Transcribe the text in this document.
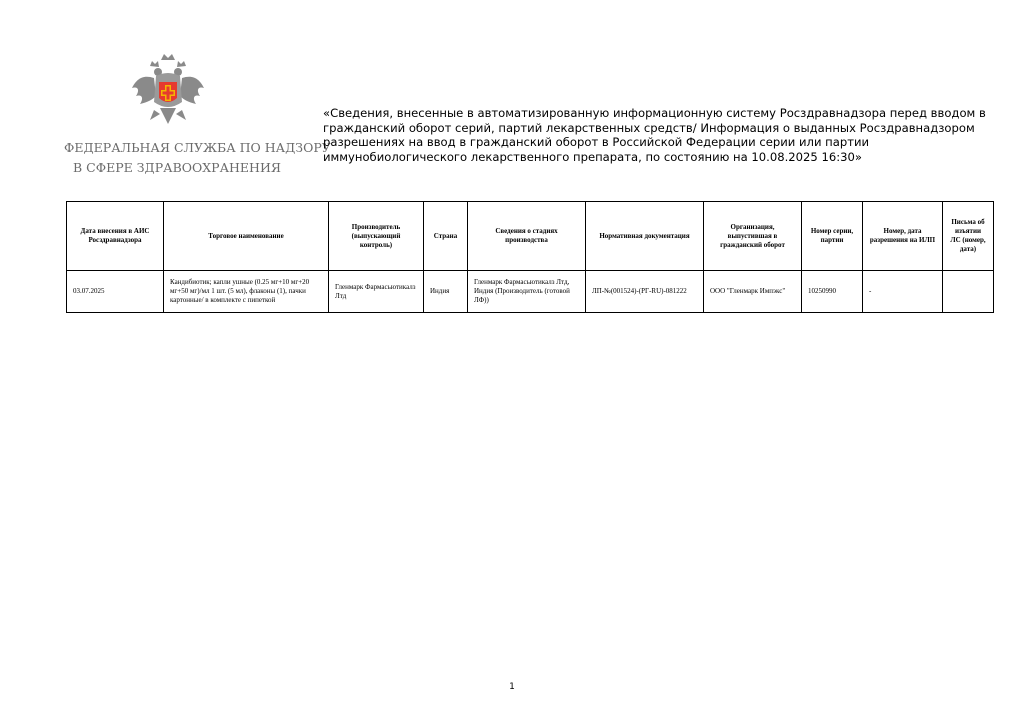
ФЕДЕРАЛЬНАЯ СЛУЖБА ПО НАДЗОРУ
В СФЕРЕ ЗДРАВООХРАНЕНИЯ
«Сведения, внесенные в автоматизированную информационную систему Росздравнадзора перед вводом в гражданский оборот серий, партий лекарственных средств/ Информация о выданных Росздравнадзором разрешениях на ввод в гражданский оборот в Российской Федерации серии или партии иммунобиологического лекарственного препарата, по состоянию на 10.08.2025 16:30»
Дата внесения в АИС Росздравнадзора	Торговое наименование	Производитель (выпускающий контроль)	Страна	Сведения о стадиях производства	Нормативная документация	Организация, выпустившая в гражданский оборот	Номер серии, партии	Номер, дата разрешения на ИЛП	Письма об изъятии ЛС (номер, дата)
03.07.2025	Кандибиотик; капли ушные (0.25 мг+10 мг+20 мг+50 мг)/мл 1 шт. (5 мл), флаконы (1), пачки картонные/ в комплекте с пипеткой	Гленмарк Фармасьютикалз Лтд	Индия	Гленмарк Фармасьютикалз Лтд, Индия (Производитель (готовой ЛФ))	ЛП-№(001524)-(РГ-RU)-081222	ООО "Гленмарк Импэкс"	10250990	-	
1
